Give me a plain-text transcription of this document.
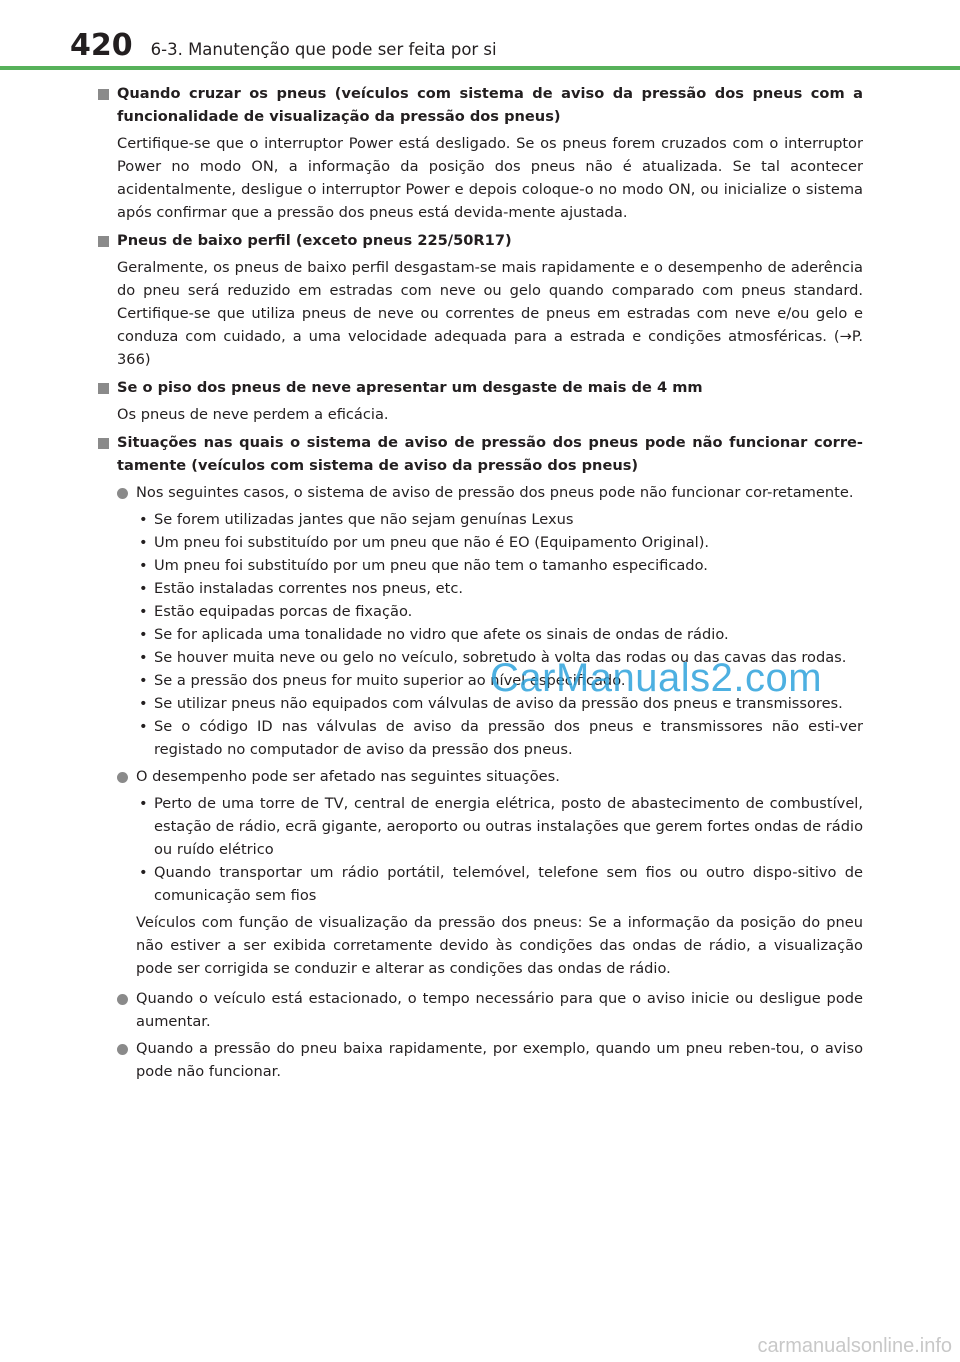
420 6-3. Manutenção que pode ser feita por si
Quando cruzar os pneus (veículos com sistema de aviso da pressão dos pneus com a funcionalidade de visualização da pressão dos pneus)
Certifique-se que o interruptor Power está desligado. Se os pneus forem cruzados com o interruptor Power no modo ON, a informação da posição dos pneus não é atualizada. Se tal acontecer acidentalmente, desligue o interruptor Power e depois coloque-o no modo ON, ou inicialize o sistema após confirmar que a pressão dos pneus está devida-mente ajustada.
Pneus de baixo perfil (exceto pneus 225/50R17)
Geralmente, os pneus de baixo perfil desgastam-se mais rapidamente e o desempenho de aderência do pneu será reduzido em estradas com neve ou gelo quando comparado com pneus standard. Certifique-se que utiliza pneus de neve ou correntes de pneus em estradas com neve e/ou gelo e conduza com cuidado, a uma velocidade adequada para a estrada e condições atmosféricas. (→P. 366)
Se o piso dos pneus de neve apresentar um desgaste de mais de 4 mm
Os pneus de neve perdem a eficácia.
Situações nas quais o sistema de aviso de pressão dos pneus pode não funcionar corre-tamente (veículos com sistema de aviso da pressão dos pneus)
Nos seguintes casos, o sistema de aviso de pressão dos pneus pode não funcionar cor-retamente.
• Se forem utilizadas jantes que não sejam genuínas Lexus
• Um pneu foi substituído por um pneu que não é EO (Equipamento Original).
• Um pneu foi substituído por um pneu que não tem o tamanho especificado.
• Estão instaladas correntes nos pneus, etc.
• Estão equipadas porcas de fixação.
• Se for aplicada uma tonalidade no vidro que afete os sinais de ondas de rádio.
• Se houver muita neve ou gelo no veículo, sobretudo à volta das rodas ou das cavas das rodas.
• Se a pressão dos pneus for muito superior ao nível especificado.
• Se utilizar pneus não equipados com válvulas de aviso da pressão dos pneus e transmissores.
• Se o código ID nas válvulas de aviso da pressão dos pneus e transmissores não esti-ver registado no computador de aviso da pressão dos pneus.
O desempenho pode ser afetado nas seguintes situações.
• Perto de uma torre de TV, central de energia elétrica, posto de abastecimento de combustível, estação de rádio, ecrã gigante, aeroporto ou outras instalações que gerem fortes ondas de rádio ou ruído elétrico
• Quando transportar um rádio portátil, telemóvel, telefone sem fios ou outro dispo-sitivo de comunicação sem fios
Veículos com função de visualização da pressão dos pneus: Se a informação da posição do pneu não estiver a ser exibida corretamente devido às condições das ondas de rádio, a visualização pode ser corrigida se conduzir e alterar as condições das ondas de rádio.
Quando o veículo está estacionado, o tempo necessário para que o aviso inicie ou desligue pode aumentar.
Quando a pressão do pneu baixa rapidamente, por exemplo, quando um pneu reben-tou, o aviso pode não funcionar.
CarManuals2.com
carmanualsonline.info
